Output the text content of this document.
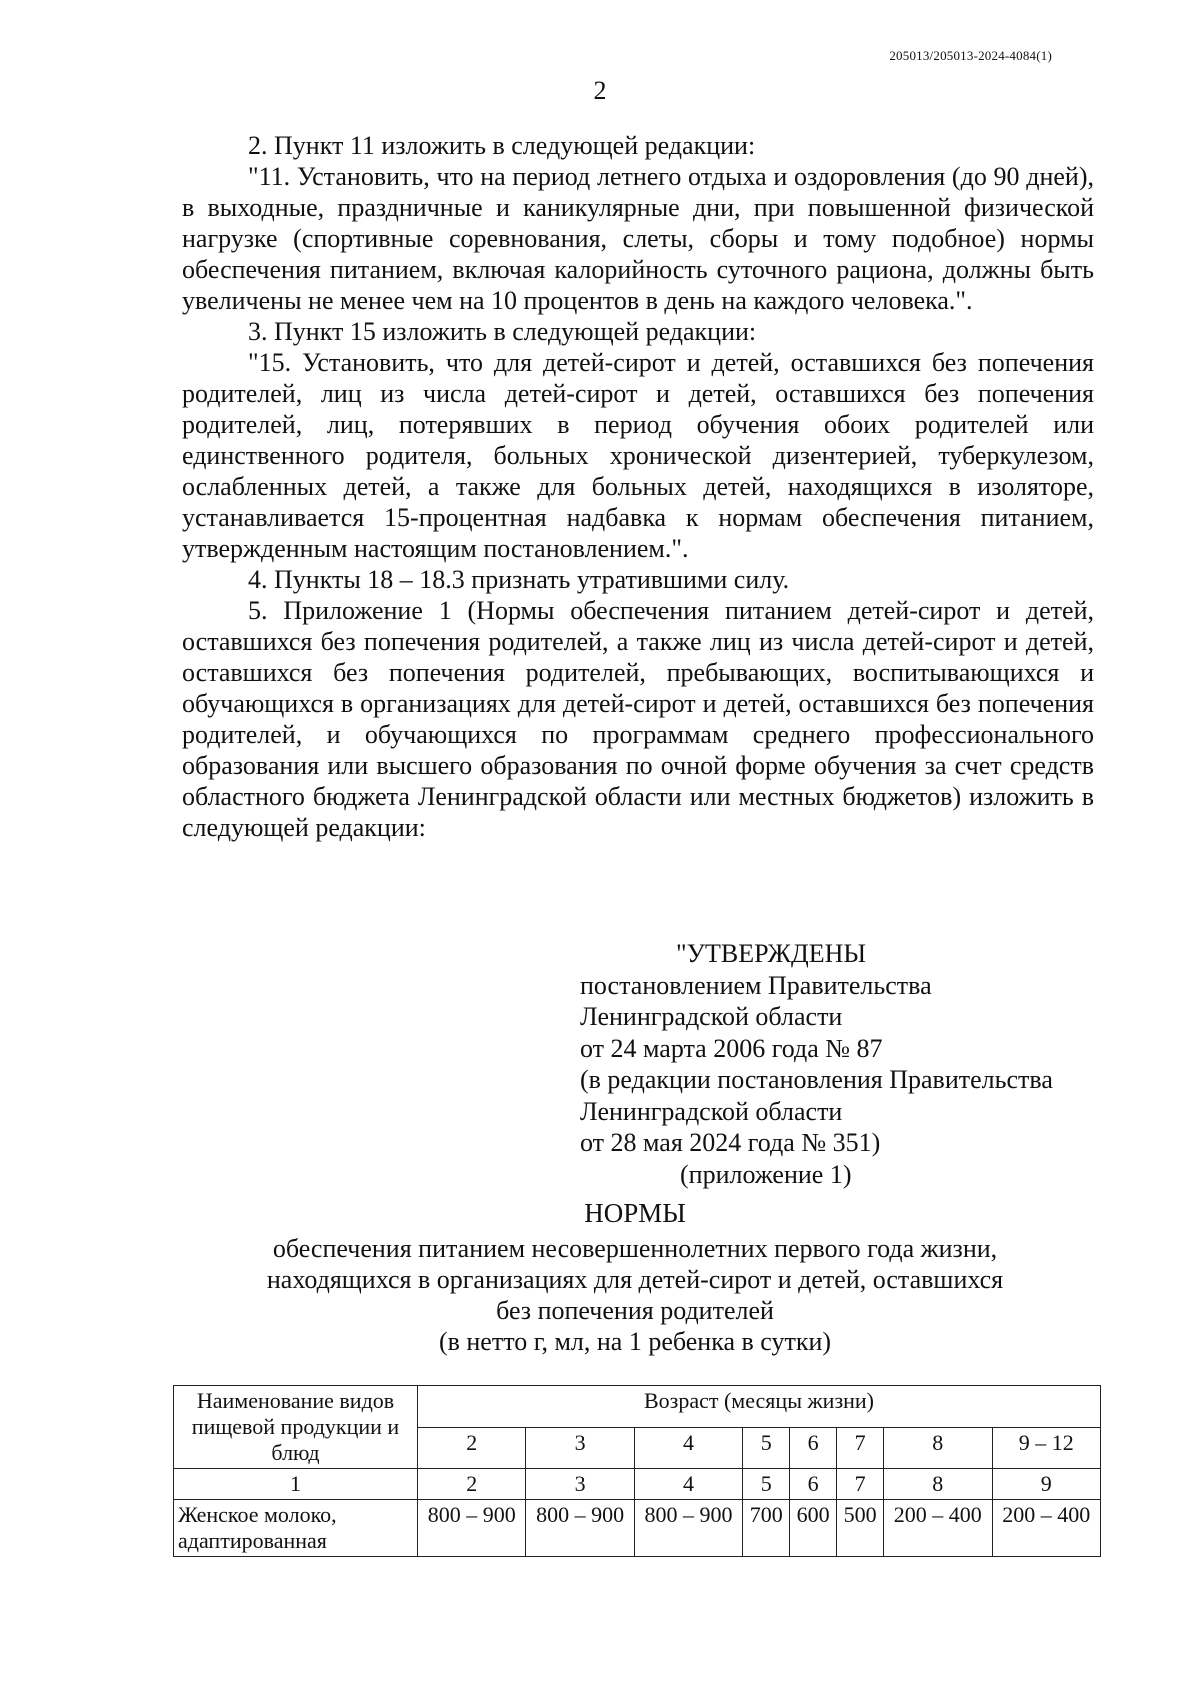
205013/205013-2024-4084(1)
2

2. Пункт 11 изложить в следующей редакции:

"11. Установить, что на период летнего отдыха и оздоровления (до 90 дней), в выходные, праздничные и каникулярные дни, при повышенной физической нагрузке (спортивные соревнования, слеты, сборы и тому подобное) нормы обеспечения питанием, включая калорийность суточного рациона, должны быть увеличены не менее чем на 10 процентов в день на каждого человека.".

3. Пункт 15 изложить в следующей редакции:

"15. Установить, что для детей-сирот и детей, оставшихся без попечения родителей, лиц из числа детей-сирот и детей, оставшихся без попечения родителей, лиц, потерявших в период обучения обоих родителей или единственного родителя, больных хронической дизентерией, туберкулезом, ослабленных детей, а также для больных детей, находящихся в изоляторе, устанавливается 15-процентная надбавка к нормам обеспечения питанием, утвержденным настоящим постановлением.".

4. Пункты 18 – 18.3 признать утратившими силу.

5. Приложение 1 (Нормы обеспечения питанием детей-сирот и детей, оставшихся без попечения родителей, а также лиц из числа детей-сирот и детей, оставшихся без попечения родителей, пребывающих, воспитывающихся и обучающихся в организациях для детей-сирот и детей, оставшихся без попечения родителей, и обучающихся по программам среднего профессионального образования или высшего образования по очной форме обучения за счет средств областного бюджета Ленинградской области или местных бюджетов) изложить в следующей редакции:

"УТВЕРЖДЕНЫ
постановлением Правительства
Ленинградской области
от 24 марта 2006 года № 87
(в редакции постановления Правительства
Ленинградской области
от 28 мая 2024 года № 351)
(приложение 1)
НОРМЫ
обеспечения питанием несовершеннолетних первого года жизни,
находящихся в организациях для детей-сирот и детей, оставшихся
без попечения родителей
(в нетто г, мл, на 1 ребенка в сутки)
Наименование видов пищевой продукции и блюд	Возраст (месяцы жизни)							
	2	3	4	5	6	7	8	9 – 12
1	2	3	4	5	6	7	8	9
Женское молоко, адаптированная	800 – 900	800 – 900	800 – 900	700	600	500	200 – 400	200 – 400
